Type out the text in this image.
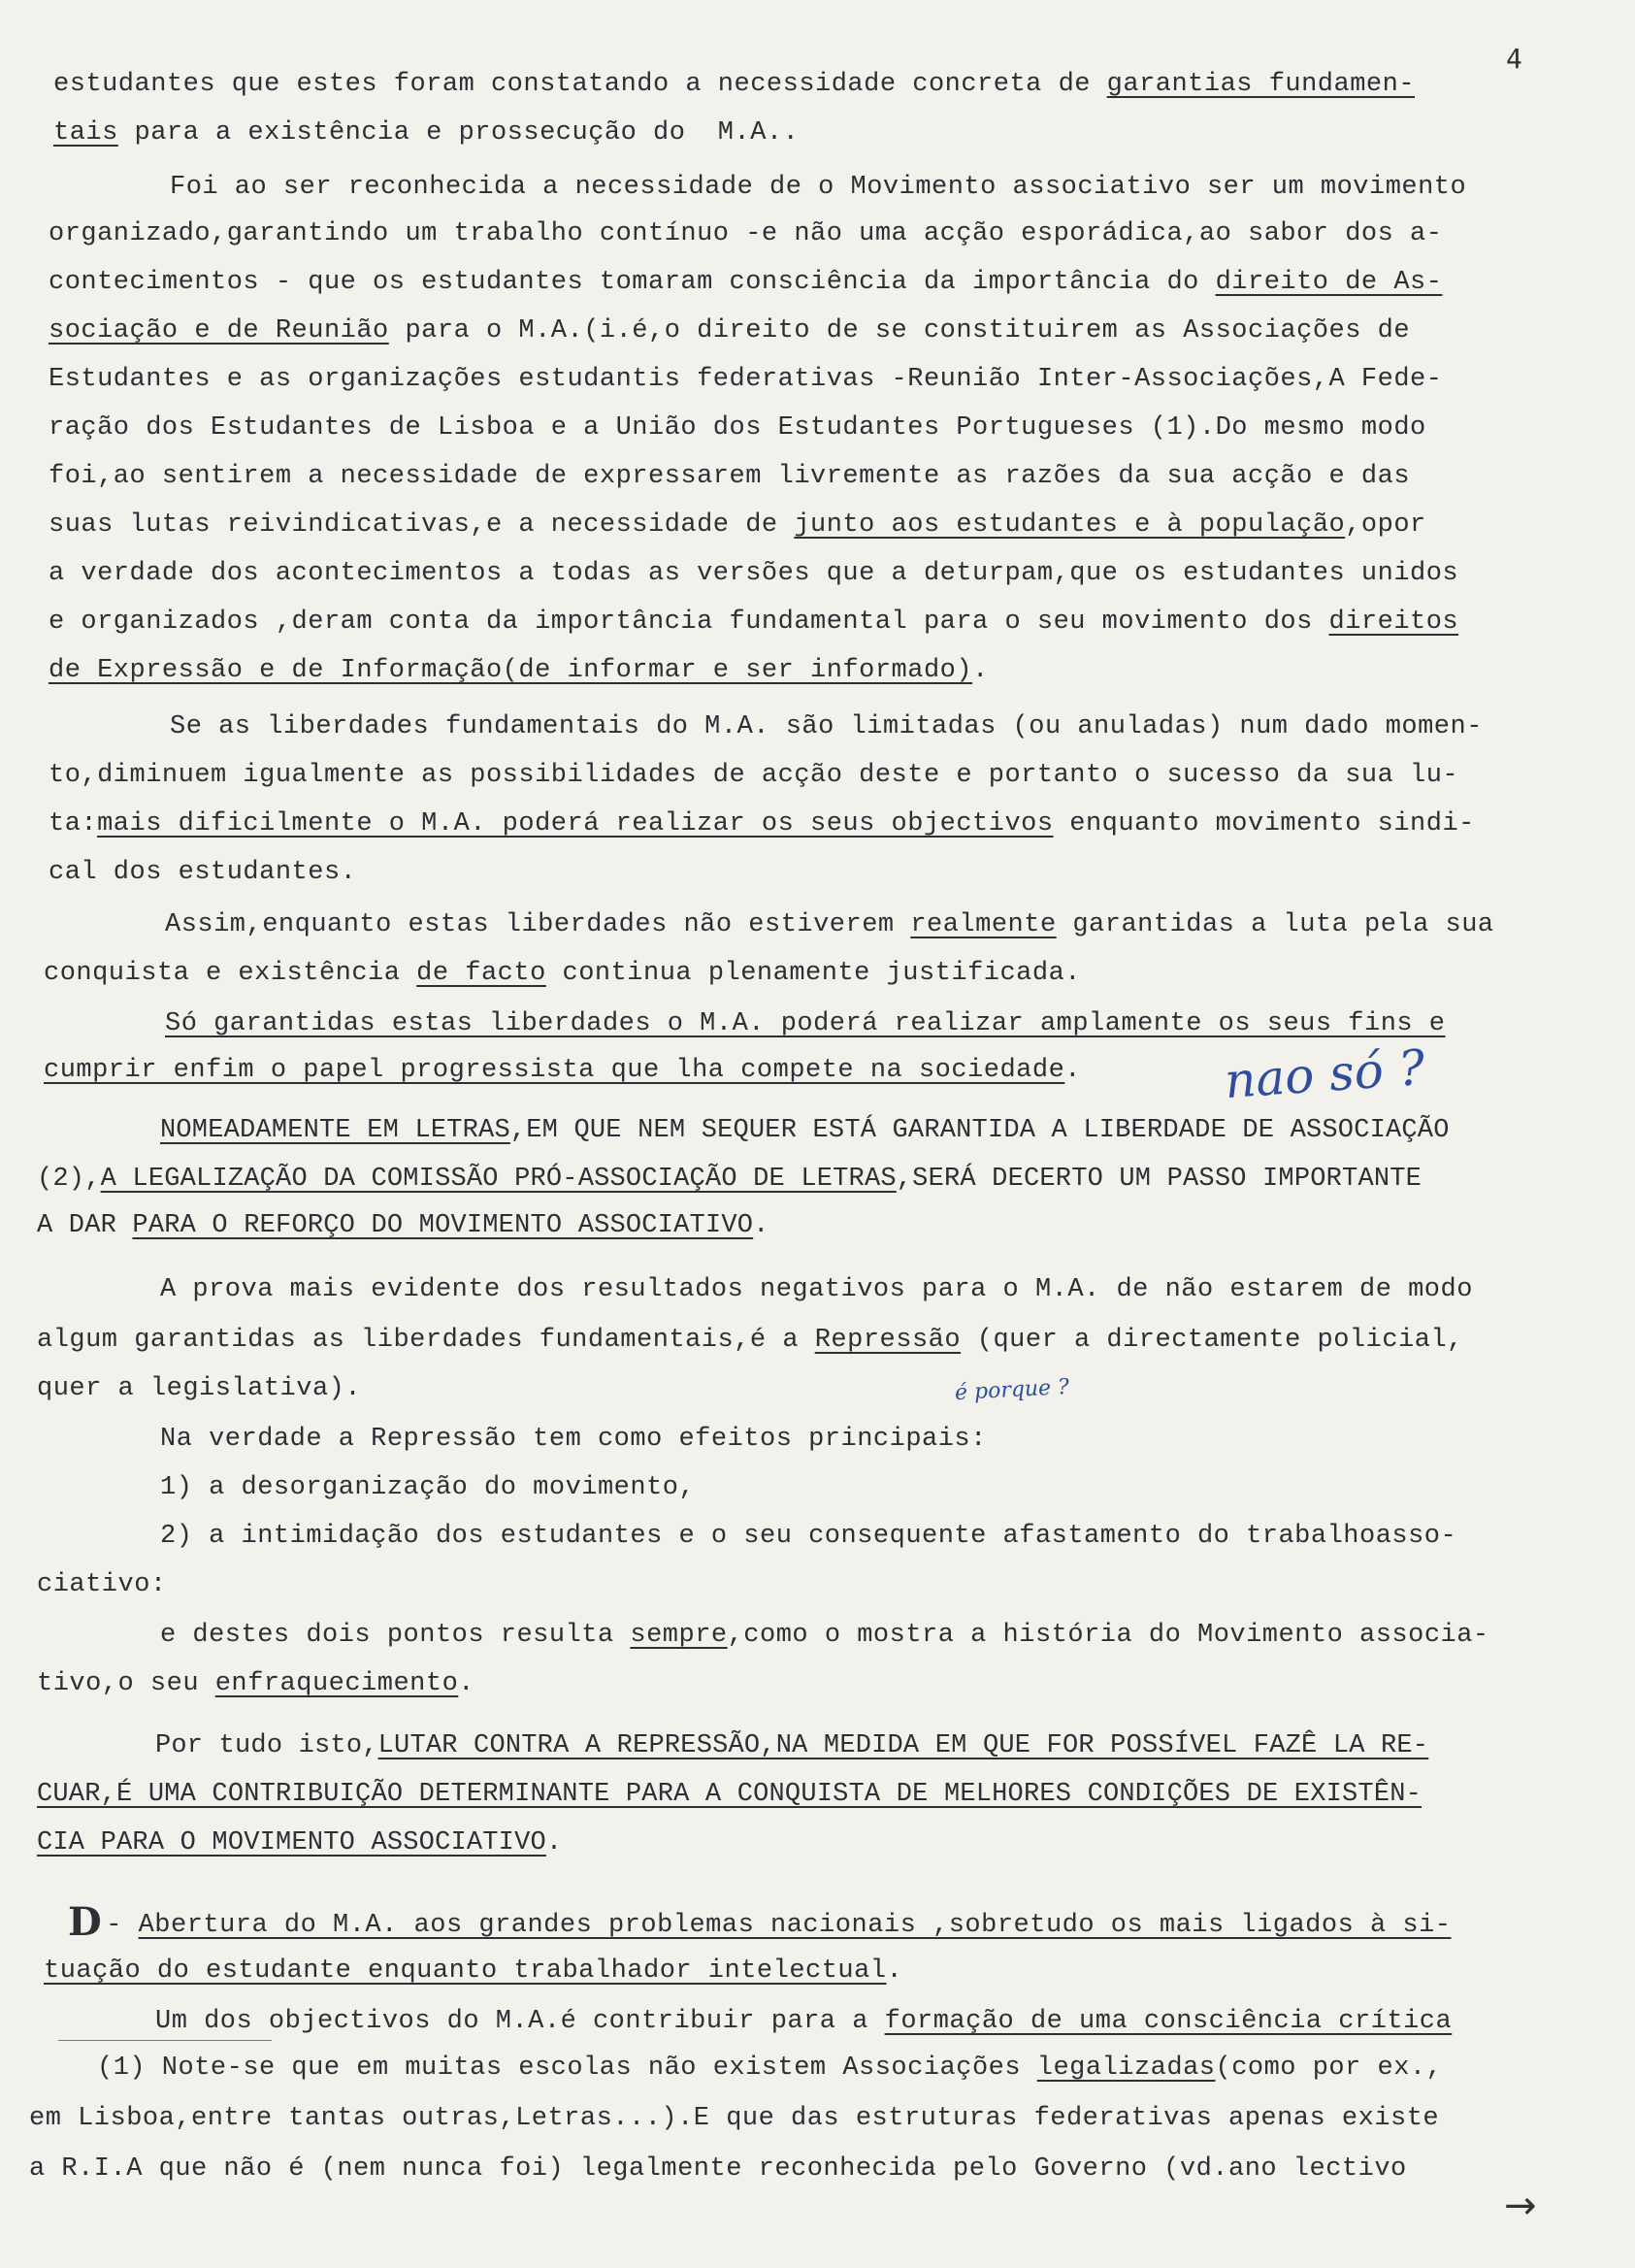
4
estudantes que estes foram constatando a necessidade concreta de garantias fundamen-
tais para a existência e prossecução do  M.A..
Foi ao ser reconhecida a necessidade de o Movimento associativo ser um movimento
organizado,garantindo um trabalho contínuo -e não uma acção esporádica,ao sabor dos a-
contecimentos - que os estudantes tomaram consciência da importância do direito de As-
sociação e de Reunião para o M.A.(i.é,o direito de se constituirem as Associações de
Estudantes e as organizações estudantis federativas -Reunião Inter-Associações,A Fede-
ração dos Estudantes de Lisboa e a União dos Estudantes Portugueses (1).Do mesmo modo
foi,ao sentirem a necessidade de expressarem livremente as razões da sua acção e das
suas lutas reivindicativas,e a necessidade de junto aos estudantes e à população,opor
a verdade dos acontecimentos a todas as versões que a deturpam,que os estudantes unidos
e organizados ,deram conta da importância fundamental para o seu movimento dos direitos
de Expressão e de Informação(de informar e ser informado).
Se as liberdades fundamentais do M.A. são limitadas (ou anuladas) num dado momen-
to,diminuem igualmente as possibilidades de acção deste e portanto o sucesso da sua lu-
ta:mais dificilmente o M.A. poderá realizar os seus objectivos enquanto movimento sindi-
cal dos estudantes.
Assim,enquanto estas liberdades não estiverem realmente garantidas a luta pela sua
conquista e existência de facto continua plenamente justificada.
Só garantidas estas liberdades o M.A. poderá realizar amplamente os seus fins e
cumprir enfim o papel progressista que lha compete na sociedade.
NOMEADAMENTE EM LETRAS,EM QUE NEM SEQUER ESTÁ GARANTIDA A LIBERDADE DE ASSOCIAÇÃO
(2),A LEGALIZAÇÃO DA COMISSÃO PRÓ-ASSOCIAÇÃO DE LETRAS,SERÁ DECERTO UM PASSO IMPORTANTE
A DAR PARA O REFORÇO DO MOVIMENTO ASSOCIATIVO.
A prova mais evidente dos resultados negativos para o M.A. de não estarem de modo
algum garantidas as liberdades fundamentais,é a Repressão (quer a directamente policial,
quer a legislativa).
Na verdade a Repressão tem como efeitos principais:
1) a desorganização do movimento,
2) a intimidação dos estudantes e o seu consequente afastamento do trabalhoasso-
ciativo:
e destes dois pontos resulta sempre,como o mostra a história do Movimento associa-
tivo,o seu enfraquecimento.
Por tudo isto,LUTAR CONTRA A REPRESSÃO,NA MEDIDA EM QUE FOR POSSÍVEL FAZÊ LA RE-
CUAR,É UMA CONTRIBUIÇÃO DETERMINANTE PARA A CONQUISTA DE MELHORES CONDIÇÕES DE EXISTÊN-
CIA PARA O MOVIMENTO ASSOCIATIVO.
D - Abertura do M.A. aos grandes problemas nacionais ,sobretudo os mais ligados à si-
tuação do estudante enquanto trabalhador intelectual.
Um dos objectivos do M.A.é contribuir para a formação de uma consciência crítica
(1) Note-se que em muitas escolas não existem Associações legalizadas(como por ex.,
em Lisboa,entre tantas outras,Letras...).E que das estruturas federativas apenas existe
a R.I.A que não é (nem nunca foi) legalmente reconhecida pelo Governo (vd.ano lectivo
nao só ?
é porque ?
→
